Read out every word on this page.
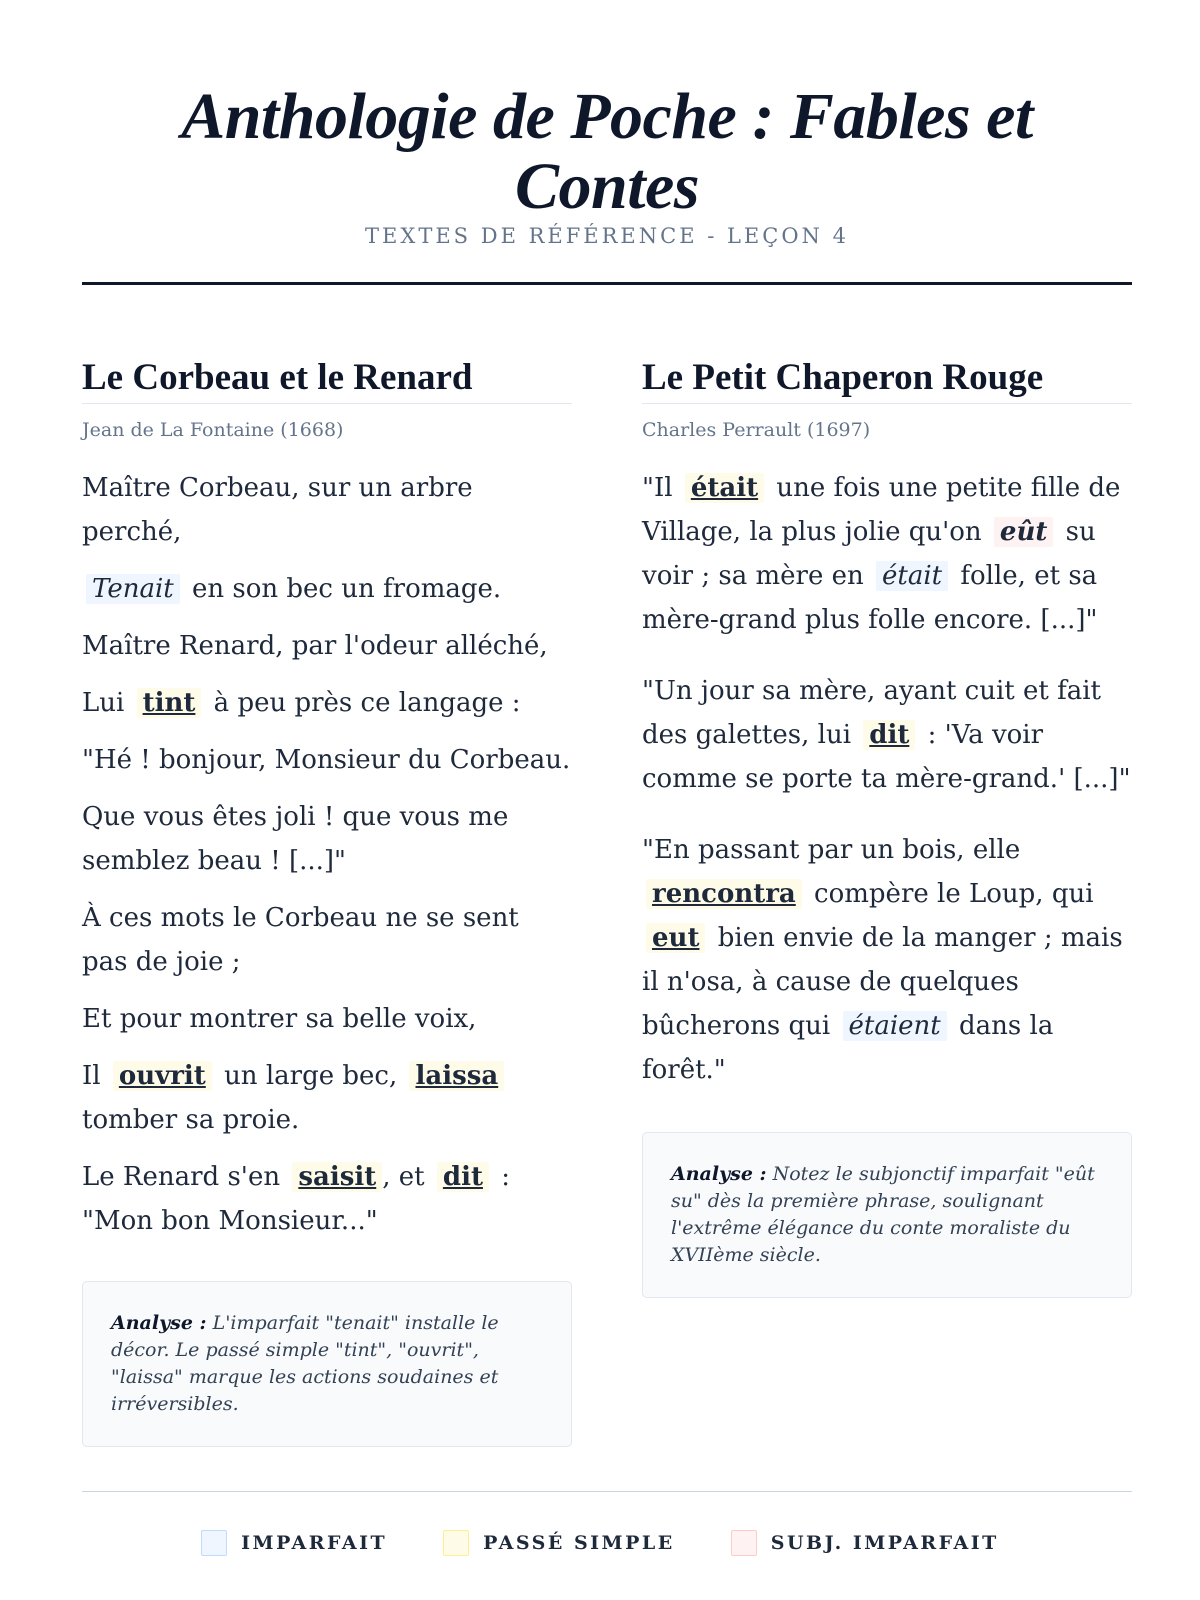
Anthologie de Poche : Fables et Contes
TEXTES DE RÉFÉRENCE - LEÇON 4
Le Corbeau et le Renard
Jean de La Fontaine (1668)

Maître Corbeau, sur un arbre perché,

Tenait en son bec un fromage.

Maître Renard, par l'odeur alléché,

Lui tint à peu près ce langage :

"Hé ! bonjour, Monsieur du Corbeau.

Que vous êtes joli ! que vous me semblez beau ! [...]"

À ces mots le Corbeau ne se sent pas de joie ;

Et pour montrer sa belle voix,

Il ouvrit un large bec, laissa tomber sa proie.

Le Renard s'en saisit , et dit : "Mon bon Monsieur..."

Analyse : L'imparfait "tenait" installe le décor. Le passé simple "tint", "ouvrit", "laissa" marque les actions soudaines et irréversibles.
Le Petit Chaperon Rouge
Charles Perrault (1697)

"Il était une fois une petite fille de Village, la plus jolie qu'on eût su voir ; sa mère en était folle, et sa mère-grand plus folle encore. [...]"

"Un jour sa mère, ayant cuit et fait des galettes, lui dit : 'Va voir comme se porte ta mère-grand.' [...]"

"En passant par un bois, elle rencontra compère le Loup, qui eut bien envie de la manger ; mais il n'osa, à cause de quelques bûcherons qui étaient dans la forêt."

Analyse : Notez le subjonctif imparfait "eût su" dès la première phrase, soulignant l'extrême élégance du conte moraliste du XVIIème siècle.
IMPARFAIT	PASSÉ SIMPLE	SUBJ. IMPARFAIT
